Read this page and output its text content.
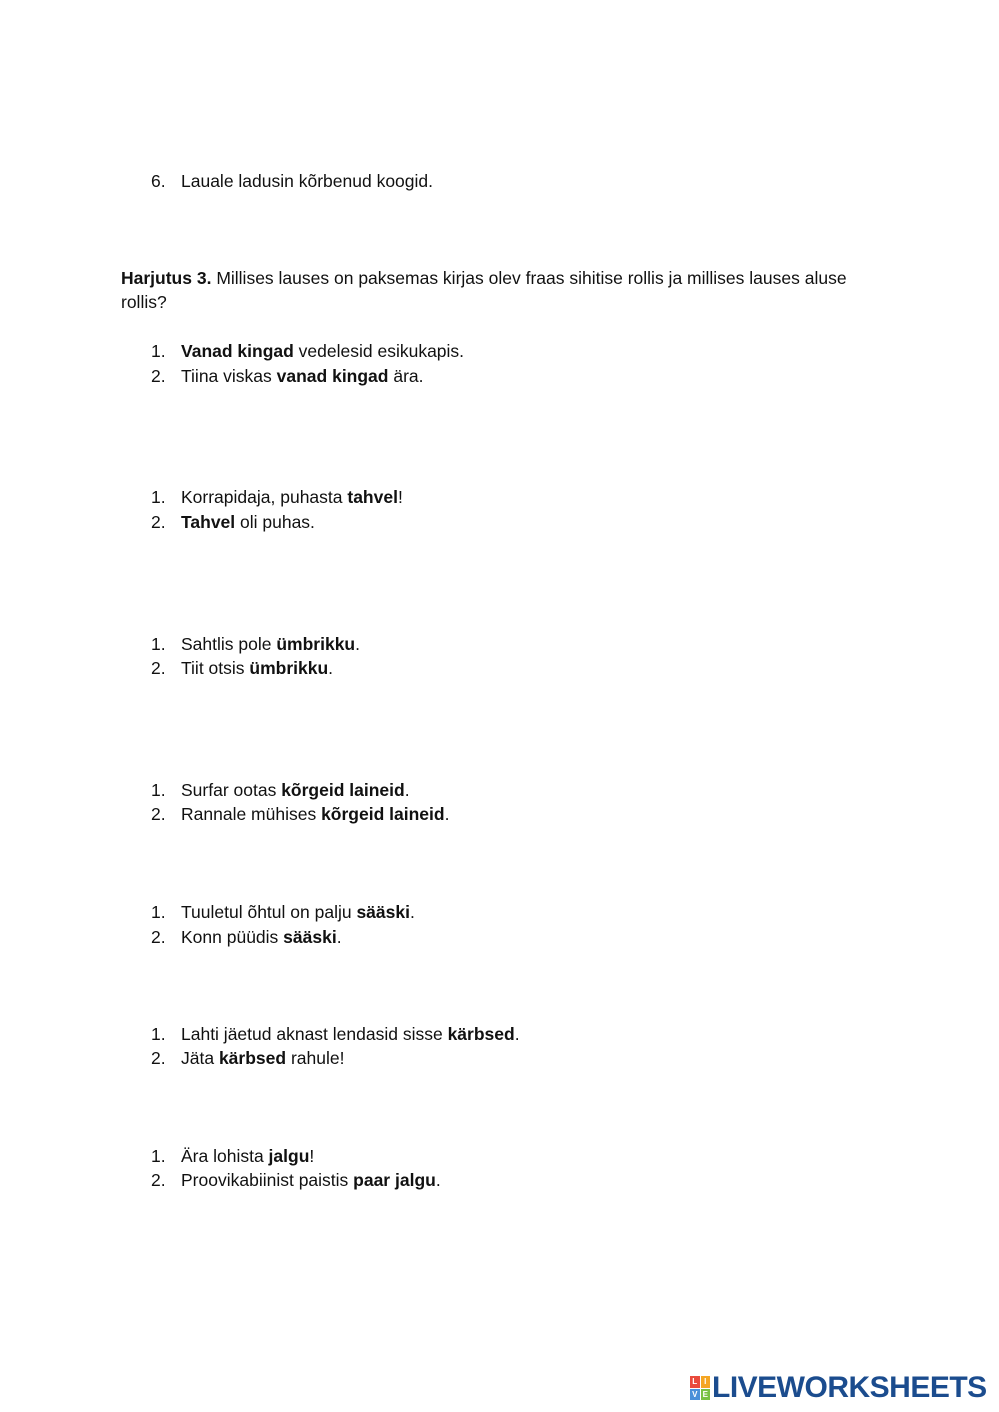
6. Lauale ladusin kõrbenud koogid.
Harjutus 3. Millises lauses on paksemas kirjas olev fraas sihitise rollis ja millises lauses aluse rollis?
1. Vanad kingad vedelesid esikukapis.
2. Tiina viskas vanad kingad ära.
1. Korrapidaja, puhasta tahvel!
2. Tahvel oli puhas.
1. Sahtlis pole ümbrikku.
2. Tiit otsis ümbrikku.
1. Surfar ootas kõrgeid laineid.
2. Rannale mühises kõrgeid laineid.
1. Tuuletul õhtul on palju sääski.
2. Konn püüdis sääski.
1. Lahti jäetud aknast lendasid sisse kärbsed.
2. Jäta kärbsed rahule!
1. Ära lohista jalgu!
2. Proovikabiinist paistis paar jalgu.
L I
V E LIVEWORKSHEETS
